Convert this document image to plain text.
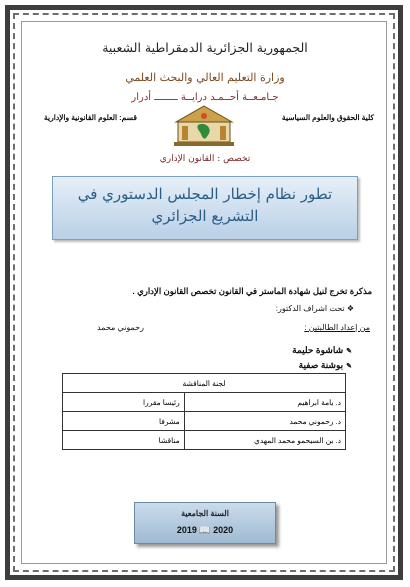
الجمهورية الجزائرية الدمقراطية الشعبية
وزارة التعليم العالي والبحث العلمي
جـامـعــة أحــمـد درايــة ــــــــ أدرار
كلية الحقوق والعلوم السياسية
قسم: العلوم القانونية والإدارية
تخصص : القانون الإداري
تطور نظام إخطار المجلس الدستوري في التشريع الجزائري
مذكرة تخرج لنيل شهادة الماستر في القانون تخصص القانون الإداري .
❖ تحت اشراف الدكتور:
من إعداد الطالبتين :
رحموني محمد
✎شاشوة حليمة
✎بوشنة صفية
لجنة المناقشة	
د. يامة ابراهيم	رئيسا مقررا
د. رحموني محمد	مشرفا
د. بن السيحمو محمد المهدي	مناقشا
السنة الجامعية
2019 📖 2020
